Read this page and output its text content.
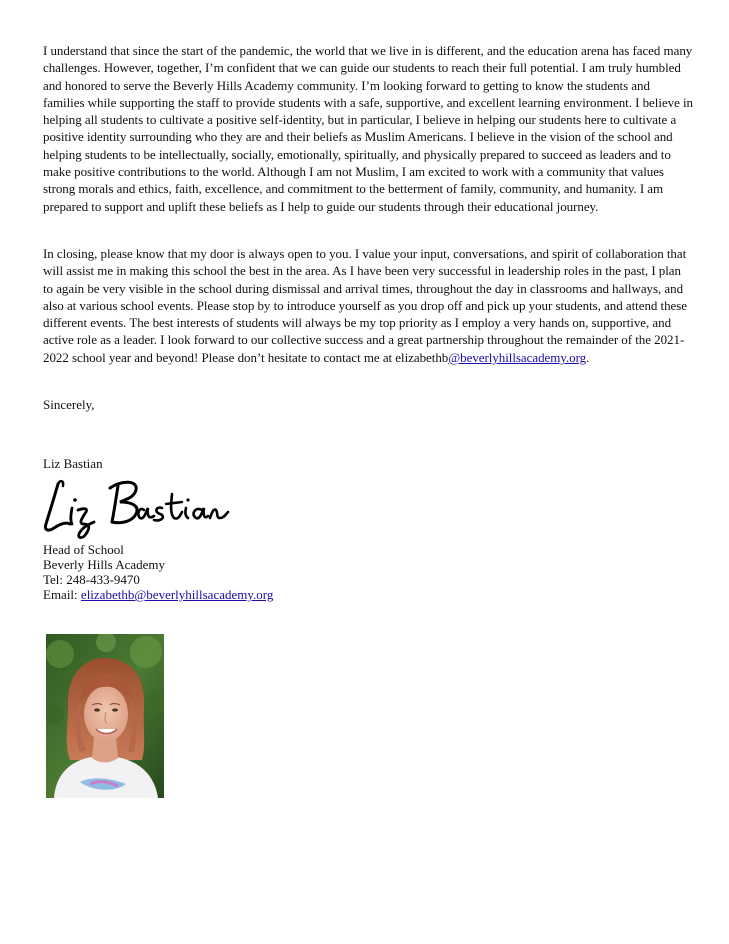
I understand that since the start of the pandemic, the world that we live in is different, and the education arena has faced many challenges. However, together, I’m confident that we can guide our students to reach their full potential. I am truly humbled and honored to serve the Beverly Hills Academy community. I’m looking forward to getting to know the students and families while supporting the staff to provide students with a safe, supportive, and excellent learning environment. I believe in helping all students to cultivate a positive self-identity, but in particular, I believe in helping our students here to cultivate a positive identity surrounding who they are and their beliefs as Muslim Americans. I believe in the vision of the school and helping students to be intellectually, socially, emotionally, spiritually, and physically prepared to succeed as leaders and to make positive contributions to the world. Although I am not Muslim, I am excited to work with a community that values strong morals and ethics, faith, excellence, and commitment to the betterment of family, community, and humanity. I am prepared to support and uplift these beliefs as I help to guide our students through their educational journey.

In closing, please know that my door is always open to you. I value your input, conversations, and spirit of collaboration that will assist me in making this school the best in the area. As I have been very successful in leadership roles in the past, I plan to again be very visible in the school during dismissal and arrival times, throughout the day in classrooms and hallways, and also at various school events. Please stop by to introduce yourself as you drop off and pick up your students, and attend these different events. The best interests of students will always be my top priority as I employ a very hands on, supportive, and active role as a leader. I look forward to our collective success and a great partnership throughout the remainder of the 2021-2022 school year and beyond! Please don’t hesitate to contact me at elizabethb@beverlyhillsacademy.org.

Sincerely,

Liz Bastian

Head of School
Beverly Hills Academy
Tel: 248-433-9470
Email: elizabethb@beverlyhillsacademy.org
